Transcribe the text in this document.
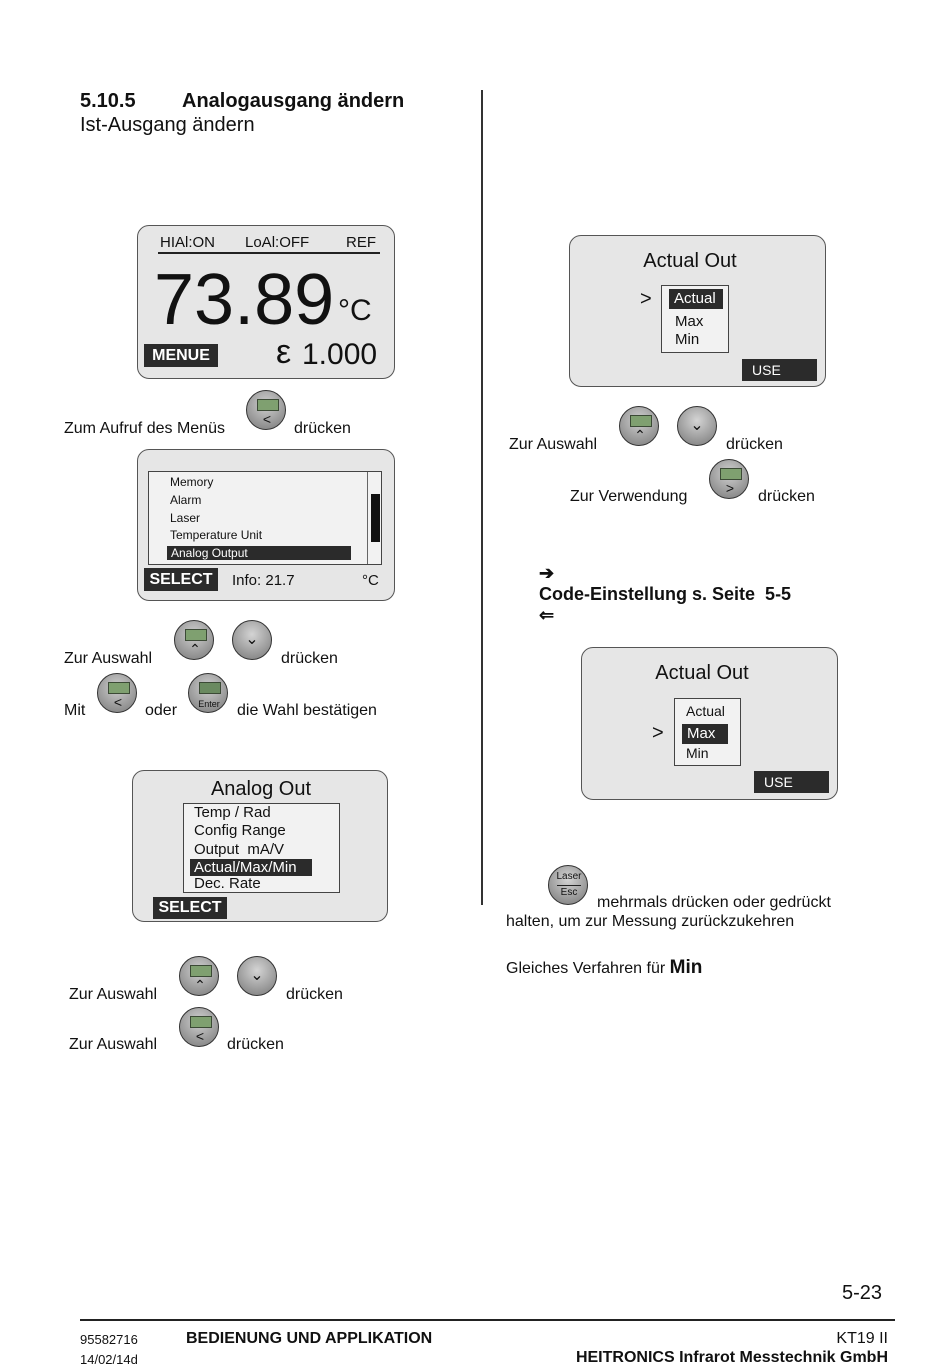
5.10.5 Analogausgang ändern
Ist-Ausgang ändern
HIAl:ON LoAl:OFF REF
73.89 °C
MENUE ε 1.000
Zum Aufruf des Menüs
<
drücken
Memory
Alarm
Laser
Temperature Unit
Analog Output
SELECT	Info: 21.7	°C
Zur Auswahl
⌃
⌄
drücken
Mit	<	oder	Enter	die Wahl bestätigen
Analog Out
Temp / Rad
Config Range
Output  mA/V
Actual/Max/Min
Dec. Rate
SELECT
Zur Auswahl
⌃
⌄
drücken
Zur Auswahl	<	drücken
Actual Out
>	Actual
Max
Min
USE
Zur Auswahl
⌃
⌄
drücken
Zur Verwendung	>	drücken

➔
Code-Einstellung s. Seite  5-5
⇐

Actual Out
>
Actual
Max
Min
USE
Laser
Esc
mehrmals drücken oder gedrückt
halten, um zur Messung zurückzukehren
Gleiches Verfahren für Min
5-23
95582716
14/02/14d
BEDIENUNG UND APPLIKATION	KT19 II
HEITRONICS Infrarot Messtechnik GmbH
